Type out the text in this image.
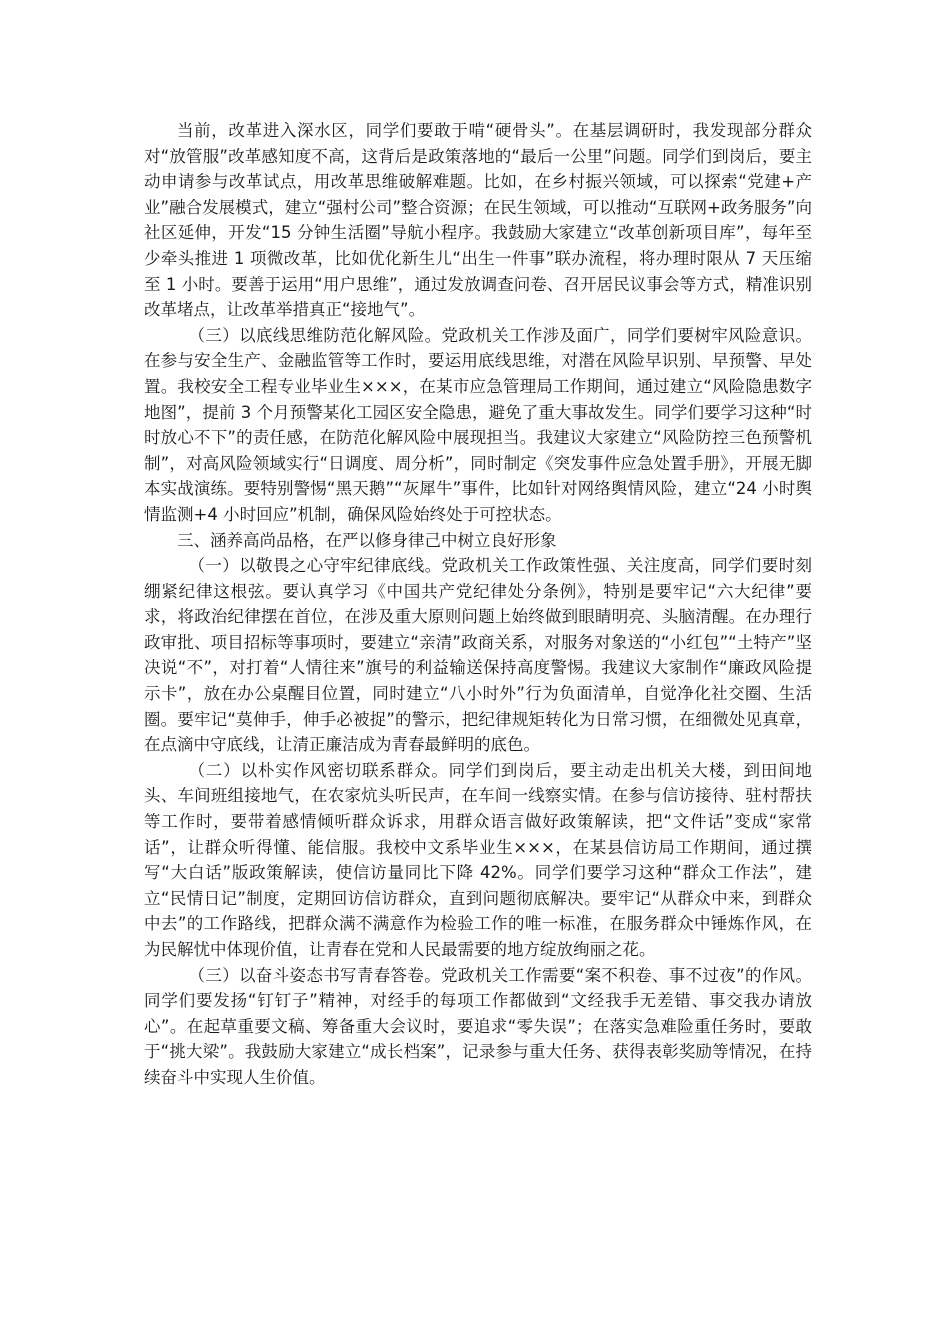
当前，改革进入深水区，同学们要敢于啃“硬骨头”。在基层调研时，我发现部分群众对“放管服”改革感知度不高，这背后是政策落地的“最后一公里”问题。同学们到岗后，要主动申请参与改革试点，用改革思维破解难题。比如，在乡村振兴领域，可以探索“党建+产业”融合发展模式，建立“强村公司”整合资源；在民生领域，可以推动“互联网+政务服务”向社区延伸，开发“15 分钟生活圈”导航小程序。我鼓励大家建立“改革创新项目库”，每年至少牵头推进 1 项微改革，比如优化新生儿“出生一件事”联办流程，将办理时限从 7 天压缩至 1 小时。要善于运用“用户思维”，通过发放调查问卷、召开居民议事会等方式，精准识别改革堵点，让改革举措真正“接地气”。

（三）以底线思维防范化解风险。党政机关工作涉及面广，同学们要树牢风险意识。在参与安全生产、金融监管等工作时，要运用底线思维，对潜在风险早识别、早预警、早处置。我校安全工程专业毕业生×××，在某市应急管理局工作期间，通过建立“风险隐患数字地图”，提前 3 个月预警某化工园区安全隐患，避免了重大事故发生。同学们要学习这种“时时放心不下”的责任感，在防范化解风险中展现担当。我建议大家建立“风险防控三色预警机制”，对高风险领域实行“日调度、周分析”，同时制定《突发事件应急处置手册》，开展无脚本实战演练。要特别警惕“黑天鹅”“灰犀牛”事件，比如针对网络舆情风险，建立“24 小时舆情监测+4 小时回应”机制，确保风险始终处于可控状态。

三、涵养高尚品格，在严以修身律己中树立良好形象

（一）以敬畏之心守牢纪律底线。党政机关工作政策性强、关注度高，同学们要时刻绷紧纪律这根弦。要认真学习《中国共产党纪律处分条例》，特别是要牢记“六大纪律”要求，将政治纪律摆在首位，在涉及重大原则问题上始终做到眼睛明亮、头脑清醒。在办理行政审批、项目招标等事项时，要建立“亲清”政商关系，对服务对象送的“小红包”“土特产”坚决说“不”，对打着“人情往来”旗号的利益输送保持高度警惕。我建议大家制作“廉政风险提示卡”，放在办公桌醒目位置，同时建立“八小时外”行为负面清单，自觉净化社交圈、生活圈。要牢记“莫伸手，伸手必被捉”的警示，把纪律规矩转化为日常习惯，在细微处见真章，在点滴中守底线，让清正廉洁成为青春最鲜明的底色。

（二）以朴实作风密切联系群众。同学们到岗后，要主动走出机关大楼，到田间地头、车间班组接地气，在农家炕头听民声，在车间一线察实情。在参与信访接待、驻村帮扶等工作时，要带着感情倾听群众诉求，用群众语言做好政策解读，把“文件话”变成“家常话”，让群众听得懂、能信服。我校中文系毕业生×××，在某县信访局工作期间，通过撰写“大白话”版政策解读，使信访量同比下降 42%。同学们要学习这种“群众工作法”，建立“民情日记”制度，定期回访信访群众，直到问题彻底解决。要牢记“从群众中来，到群众中去”的工作路线，把群众满不满意作为检验工作的唯一标准，在服务群众中锤炼作风，在为民解忧中体现价值，让青春在党和人民最需要的地方绽放绚丽之花。

（三）以奋斗姿态书写青春答卷。党政机关工作需要“案不积卷、事不过夜”的作风。同学们要发扬“钉钉子”精神，对经手的每项工作都做到“文经我手无差错、事交我办请放心”。在起草重要文稿、筹备重大会议时，要追求“零失误”；在落实急难险重任务时，要敢于“挑大梁”。我鼓励大家建立“成长档案”，记录参与重大任务、获得表彰奖励等情况，在持续奋斗中实现人生价值。
